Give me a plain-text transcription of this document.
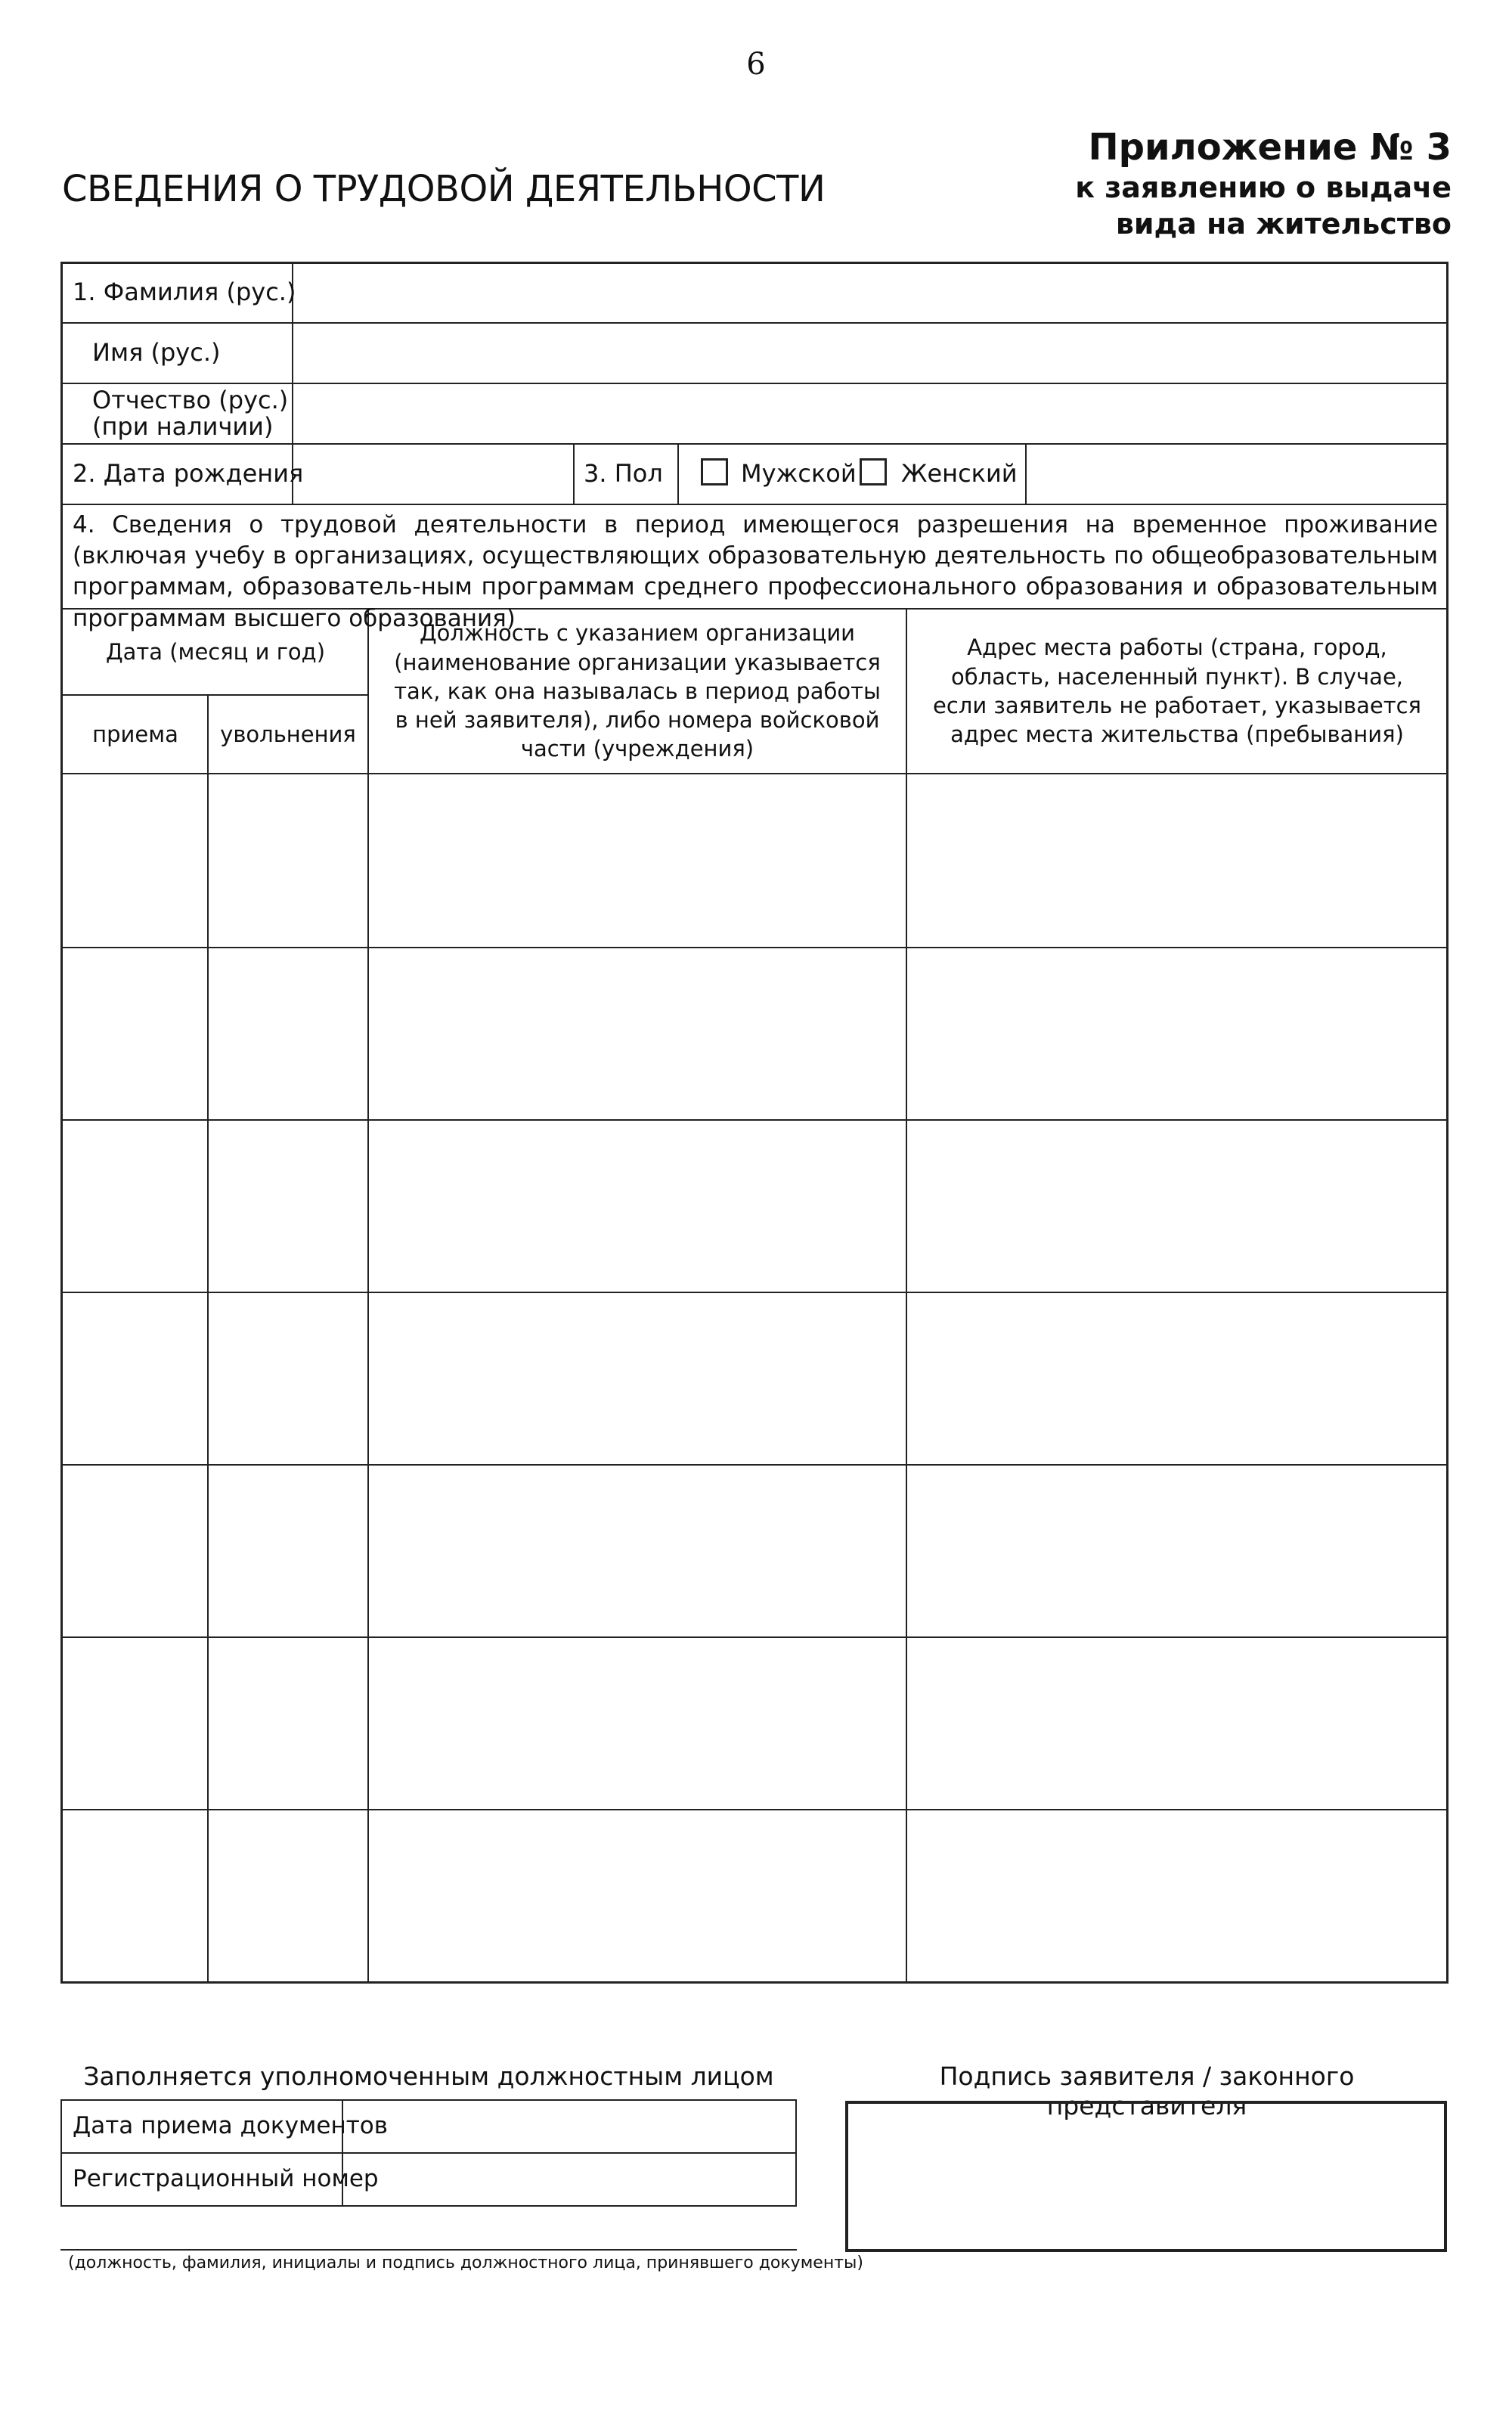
6
Приложение № 3
к заявлению о выдаче
вида на жительство
СВЕДЕНИЯ О ТРУДОВОЙ ДЕЯТЕЛЬНОСТИ
1. Фамилия (рус.)
Имя (рус.)
Отчество (рус.)
(при наличии)
2. Дата рождения	3. Пол	Мужской Женский
4. Сведения о трудовой деятельности в период имеющегося разрешения на временное проживание (включая учебу в организациях, осуществляющих образовательную деятельность по общеобразовательным программам, образователь-ным программам среднего профессионального образования и образовательным программам высшего образования)
Дата (месяц и год)
приема	увольнения
Должность с указанием организации (наименование организации указывается так, как она называлась в период работы в ней заявителя), либо номера войсковой части (учреждения)
Адрес места работы (страна, город, область, населенный пункт). В случае, если заявитель не работает, указывается адрес места жительства (пребывания)
Заполняется уполномоченным должностным лицом
Дата приема документов
Регистрационный номер
(должность, фамилия, инициалы и подпись должностного лица, принявшего документы)
Подпись заявителя / законного представителя
